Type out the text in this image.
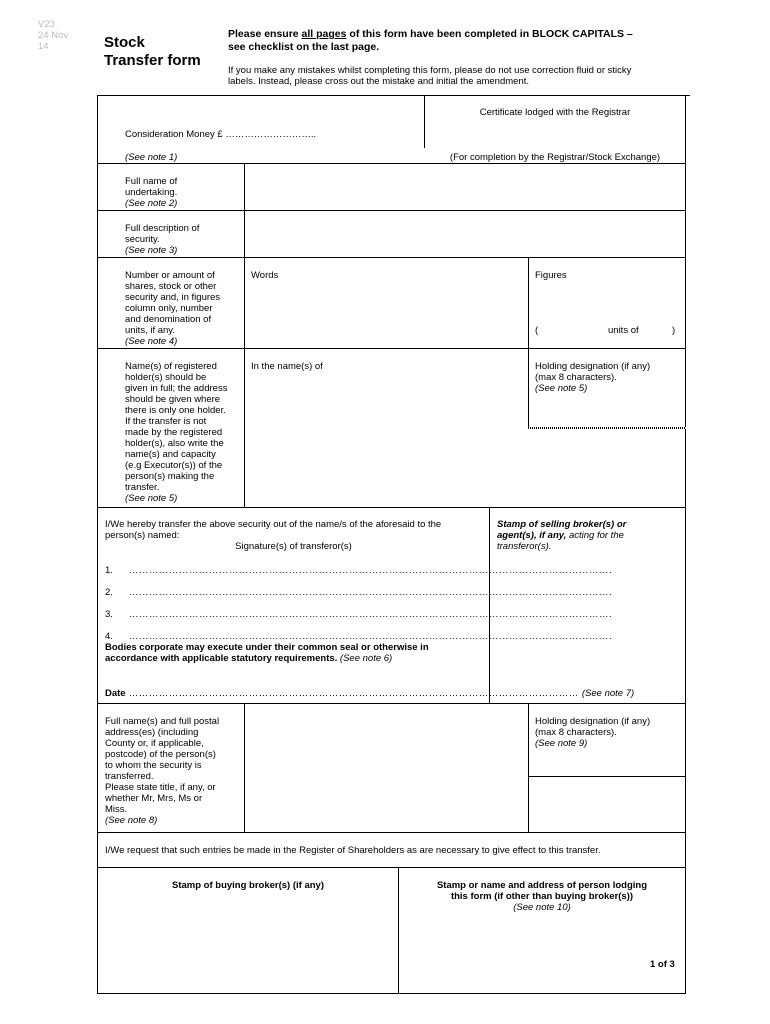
V23
24 Nov
14	Stock
Transfer form
Please ensure all pages of this form have been completed in BLOCK CAPITALS –
see checklist on the last page.
If you make any mistakes whilst completing this form, please do not use correction fluid or sticky
labels. Instead, please cross out the mistake and initial the amendment.
Consideration Money £ ………………………..
(See note 1)
Certificate lodged with the Registrar
(For completion by the Registrar/Stock Exchange)
Full name of
undertaking.
(See note 2)
Full description of
security.
(See note 3)
Number or amount of
shares, stock or other
security and, in figures
column only, number
and denomination of
units, if any.
(See note 4)
Words	Figures
(	units of	)
Name(s) of registered
holder(s) should be
given in full; the address
should be given where
there is only one holder.
If the transfer is not
made by the registered
holder(s), also write the
name(s) and capacity
(e.g Executor(s)) of the
person(s) making the
transfer.
(See note 5)
In the name(s) of	Holding designation (if any)
(max 8 characters).
(See note 5)
I/We hereby transfer the above security out of the name/s of the aforesaid to the
person(s) named:
Signature(s) of transferor(s)
1. ……………………………………………………………………………………………………………………………….
2. ……………………………………………………………………………………………………………………………….
3. ……………………………………………………………………………………………………………………………….
4. ……………………………………………………………………………………………………………………………….
Bodies corporate may execute under their common seal or otherwise in
accordance with applicable statutory requirements. (See note 6)
Date ……………………………………………………………………………………………………………………… (See note 7)
Stamp of selling broker(s) or
agent(s), if any, acting for the
transferor(s).
Full name(s) and full postal
address(es) (including
County or, if applicable,
postcode) of the person(s)
to whom the security is
transferred.
Please state title, if any, or
whether Mr, Mrs, Ms or
Miss.
(See note 8)
Holding designation (if any)
(max 8 characters).
(See note 9)
I/We request that such entries be made in the Register of Shareholders as are necessary to give effect to this transfer.
Stamp of buying broker(s) (if any)	Stamp or name and address of person lodging
this form (if other than buying broker(s))
(See note 10)
1 of 3
